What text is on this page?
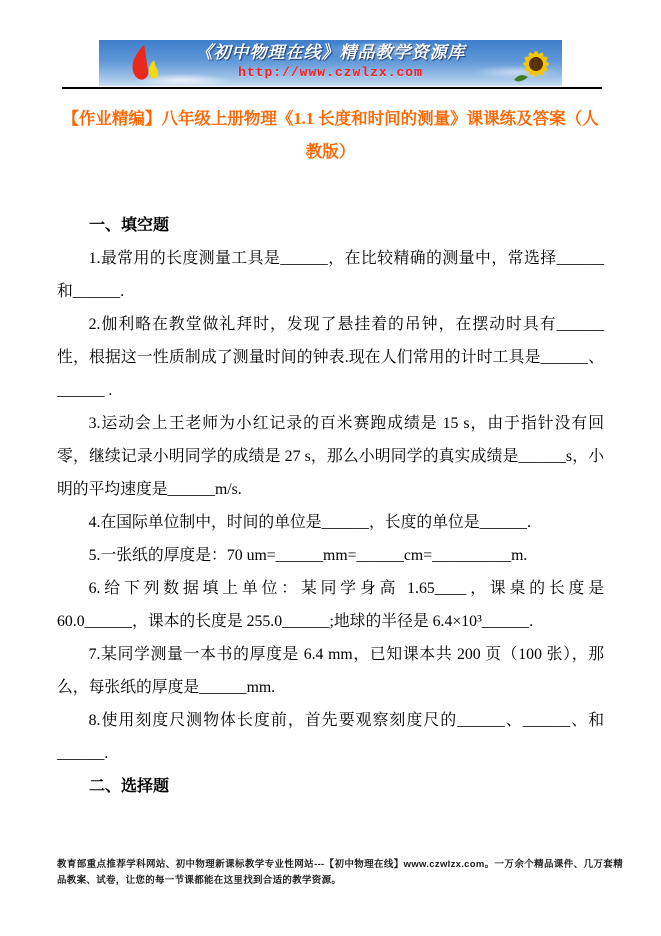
《初中物理在线》精品教学资源库
http://www.czwlzx.com
【作业精编】八年级上册物理《1.1 长度和时间的测量》课课练及答案（人教版）
一、填空题

1.最常用的长度测量工具是______，在比较精确的测量中，常选择______和______.

2.伽利略在教堂做礼拜时，发现了悬挂着的吊钟，在摆动时具有______性，根据这一性质制成了测量时间的钟表.现在人们常用的计时工具是______、______ .

3.运动会上王老师为小红记录的百米赛跑成绩是 15 s，由于指针没有回零，继续记录小明同学的成绩是 27 s，那么小明同学的真实成绩是______s，小明的平均速度是______m/s.

4.在国际单位制中，时间的单位是______，长度的单位是______.

5.一张纸的厚度是：70 um=______mm=______cm=__________m.

6.给下列数据填上单位：某同学身高 1.65____，课桌的长度是 60.0______，课本的长度是 255.0______;地球的半径是 6.4×10³______.

7.某同学测量一本书的厚度是 6.4 mm，已知课本共 200 页（100 张），那么，每张纸的厚度是______mm.

8.使用刻度尺测物体长度前，首先要观察刻度尺的______、______、和______.

二、选择题
教育部重点推荐学科网站、初中物理新课标教学专业性网站---【初中物理在线】www.czwlzx.com。一万余个精品课件、几万套精品教案、试卷，让您的每一节课都能在这里找到合适的教学资源。
